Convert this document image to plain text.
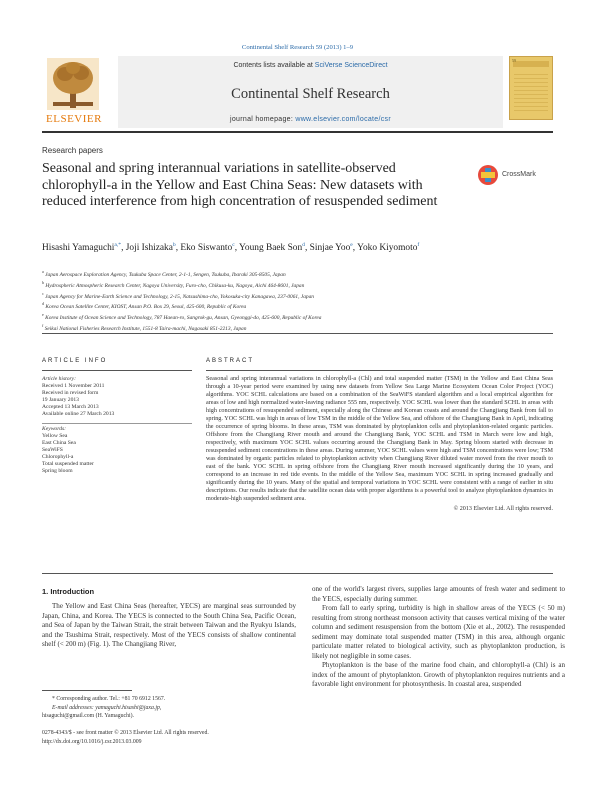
Continental Shelf Research 59 (2013) 1–9
ELSEVIER
Contents lists available at SciVerse ScienceDirect
Continental Shelf Research
journal homepage: www.elsevier.com/locate/csr
59
Research papers
Seasonal and spring interannual variations in satellite-observed chlorophyll-a in the Yellow and East China Seas: New datasets with reduced interference from high concentration of resuspended sediment
CrossMark
Hisashi Yamaguchi$^{a,*}$, Joji Ishizaka$^b$, Eko Siswanto$^c$, Young Baek Son$^d$, Sinjae Yoo$^e$, Yoko Kiyomoto$^f$
$^a$ Japan Aerospace Exploration Agency, Tsukuba Space Center, 2-1-1, Sengen, Tsukuba, Ibaraki 305-8505, Japan
$^b$ Hydrospheric Atmospheric Research Center, Nagoya University, Furo-cho, Chikusa-ku, Nagoya, Aichi 464-8601, Japan
$^c$ Japan Agency for Marine-Earth Science and Technology, 2-15, Natsushima-cho, Yokosuka-city Kanagawa, 237-0061, Japan
$^d$ Korea Ocean Satellite Center, KIOST, Ansan P.O. Box 29, Seoul, 425-600, Republic of Korea
$^e$ Korea Institute of Ocean Science and Technology, 787 Haean-ro, Sangrok-gu, Ansan, Gyeonggi-do, 425-600, Republic of Korea
$^f$ Seikai National Fisheries Research Institute, 1551-8 Taira-machi, Nagasaki 851-2213, Japan
ARTICLE INFO
Article history:
Received 1 November 2011
Received in revised form
19 January 2013
Accepted 13 March 2013
Available online 27 March 2013
Keywords:
Yellow Sea
East China Sea
SeaWiFS
Chlorophyll-a
Total suspended matter
Spring bloom
ABSTRACT
Seasonal and spring interannual variations in chlorophyll-a (Chl) and total suspended matter (TSM) in the Yellow and East China Seas through a 10-year period were examined by using new datasets from Yellow Sea Large Marine Ecosystem Ocean Color Project (YOC) algorithms. YOC SCHL calculations are based on a combination of the SeaWiFS standard algorithm and a local empirical algorithm for areas of low and high normalized water-leaving radiance 555 nm, respectively. YOC SCHL was lower than the standard SCHL in areas with high concentrations of resuspended sediment, especially along the Chinese and Korean coasts and around the Changjiang Bank from fall to spring. YOC SCHL was high in areas of low TSM in the middle of the Yellow Sea, and offshore of the Changjiang Bank in April, indicating the occurrence of spring blooms. In these areas, TSM was dominated by phytoplankton cells and phytoplankton-related organic particles. Offshore from the Changjiang River mouth and around the Changjiang Bank, YOC SCHL and TSM in March were low and high, respectively, with maximum YOC SCHL values occurring around the Changjiang Bank in May. Spring bloom started with decrease in resuspended sediment concentrations in these areas. During summer, YOC SCHL values were high and TSM concentrations were low; TSM was dominated by organic particles related to phytoplankton activity when Changjiang River diluted water moved from the river mouth to east of the bank. YOC SCHL in spring offshore from the Changjiang River mouth increased significantly during the 10 years, and correspond to an increase in red tide events. In the middle of the Yellow Sea, maximum YOC SCHL in spring increased gradually and significantly during the 10 years. Many of the spatial and temporal variations in YOC SCHL were consistent with a range of earlier in situ descriptions. Our results indicate that the satellite ocean data with proper algorithms is a powerful tool to analyze phytoplankton dynamics in moderate-high suspended sediment area.
© 2013 Elsevier Ltd. All rights reserved.
1. Introduction
The Yellow and East China Seas (hereafter, YECS) are marginal seas surrounded by Japan, China, and Korea. The YECS is connected to the South China Sea, Pacific Ocean, and Sea of Japan by the Taiwan Strait, the strait between Taiwan and the Ryukyu Islands, and the Tsushima Strait, respectively. Most of the YECS consists of shallow continental shelf (< 200 m) (Fig. 1). The Changjiang River,
one of the world's largest rivers, supplies large amounts of fresh water and sediment to the YECS, especially during summer.
From fall to early spring, turbidity is high in shallow areas of the YECS (< 50 m) resulting from strong northeast monsoon activity that causes vertical mixing of the water column and sediment resuspension from the bottom (Xie et al., 2002). The resuspended sediment may dominate total suspended matter (TSM) in this area, although organic particulate matter related to biological activity, such as phytoplankton production, is likely not negligible in some cases.
Phytoplankton is the base of the marine food chain, and chlorophyll-a (Chl) is an index of the amount of phytoplankton. Growth of phytoplankton requires nutrients and a favorable light environment for photosynthesis. In coastal area, suspended
* Corresponding author. Tel.: +81 70 6912 1567.
E-mail addresses: yamaguchi.hisashi@jaxa.jp,
hisaguchi@gmail.com (H. Yamaguchi).
0278-4343/$ - see front matter © 2013 Elsevier Ltd. All rights reserved.
http://dx.doi.org/10.1016/j.csr.2013.03.009
